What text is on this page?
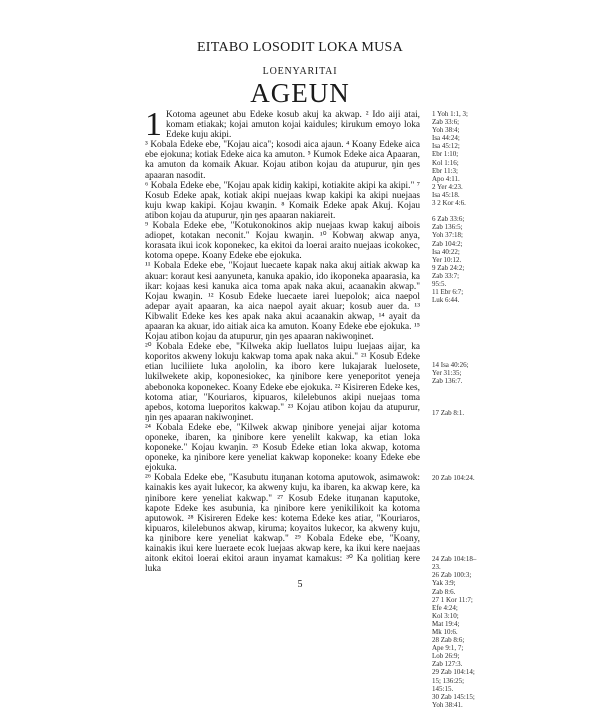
EITABO LOSODIT LOKA MUSA
LOENYARITAI
AGEUN

1 Kotoma ageunet abu Edeke kosub akuj ka akwap. ² Ido aiji atai, komam etiakak; kojai amuton kojai kaidules; kirukum emoyo loka Edeke kuju akipi.

³ Kobala Edeke ebe, "Kojau aica"; kosodi aica ajaun. ⁴ Koany Edeke aica ebe ejokuna; kotiak Edeke aica ka amuton. ⁵ Kumok Edeke aica Apaaran, ka amuton da komaik Akuar. Kojau atibon kojau da atupurur, ŋin ŋes apaaran nasodit.

⁶ Kobala Edeke ebe, "Kojau apak kidiŋ kakipi, kotiakite akipi ka akipi." ⁷ Kosub Edeke apak, kotiak akipi nuejaas kwap kakipi ka akipi nuejaas kuju kwap kakipi. Kojau kwaŋin. ⁸ Komaik Edeke apak Akuj. Kojau atibon kojau da atupurur, ŋin ŋes apaaran nakiareit.

⁹ Kobala Edeke ebe, "Kotukonokinos akip nuejaas kwap kakuj aibois adiopet, kotakan neconit." Kojau kwaŋin. ¹⁰ Kobwaŋ akwap anya, korasata ikui icok koponekec, ka ekitoi da loerai araito nuejaas icokokec, kotoma opepe. Koany Edeke ebe ejokuka.

¹¹ Kobala Edeke ebe, "Kojaut luecaete kapak naka akuj aitiak akwap ka akuar: koraut kesi aanyuneta, kanuka apakio, ido ikoponeka apaarasia, ka ikar: kojaas kesi kanuka aica toma apak naka akui, acaanakin akwap." Kojau kwaŋin. ¹² Kosub Edeke luecaete iarei luepolok; aica naepol adepar ayait apaaran, ka aica naepol ayait akuar; kosub auer da. ¹³ Kibwalit Edeke kes kes apak naka akui acaanakin akwap, ¹⁴ ayait da apaaran ka akuar, ido aitiak aica ka amuton. Koany Edeke ebe ejokuka. ¹⁵ Kojau atibon kojau da atupurur, ŋin ŋes apaaran nakiwoŋinet.

²⁰ Kobala Edeke ebe, "Kilweka akip luellatos luipu luejaas aijar, ka koporitos akweny lokuju kakwap toma apak naka akui." ²¹ Kosub Edeke etian luciliiete luka aŋololin, ka iboro kere lukajarak luelosete, lukilwekete akip, koponesiokec, ka ŋinibore kere yeneporitot yeneja abebonoka koponekec. Koany Edeke ebe ejokuka. ²² Kisireren Edeke kes, kotoma atiar, "Kouriaros, kipuaros, kilelebunos akipi nuejaas toma apebos, kotoma lueporitos kakwap." ²³ Kojau atibon kojau da atupurur, ŋin ŋes apaaran nakiwoŋinet.

²⁴ Kobala Edeke ebe, "Kilwek akwap ŋinibore yenejai aijar kotoma oponeke, ibaren, ka ŋinibore kere yenelilt kakwap, ka etian loka koponeke." Kojau kwaŋin. ²⁵ Kosub Edeke etian loka akwap, kotoma oponeke, ka ŋinibore kere yeneliat kakwap koponeke: koany Edeke ebe ejokuka.

²⁶ Kobala Edeke ebe, "Kasubutu ituŋanan kotoma aputowok, asimawok: kainakis kes ayait lukecor, ka akweny kuju, ka ibaren, ka akwap kere, ka ŋinibore kere yeneliat kakwap." ²⁷ Kosub Edeke ituŋanan kaputoke, kapote Edeke kes asubunia, ka ŋinibore kere yenikilikoit ka kotoma aputowok. ²⁸ Kisireren Edeke kes: kotema Edeke kes atiar, "Kouriaros, kipuaros, kilelebunos akwap, kiruma; koyaitos lukecor, ka akweny kuju, ka ŋinibore kere yeneliat kakwap." ²⁹ Kobala Edeke ebe, "Koany, kainakis ikui kere lueraete ecok luejaas akwap kere, ka ikui kere naejaas aitonk ekitoi loerai ekitoi araun inyamat kamakus: ³⁰ Ka ŋolitiaŋ kere luka

1 Yoh 1:1, 3;
Zab 33:6;
Yoh 38:4;
Isa 44:24;
Isa 45:12;
Ebr 1:10;
Kol 1:16;
Ebr 11:3;
Apo 4:11.
2 Yer 4:23.
Isa 45:18.
3 2 Kor 4:6.

6 Zab 33:6;
Zab 136:5;
Yoh 37:18;
Zab 104:2;
Isa 40:22;
Yer 10:12.
9 Zab 24:2;
Zab 33:7;
95:5.
11 Ebr 6:7;
Luk 6:44.

14 Isa 40:26;
Yer 31:35;
Zab 136:7.

17 Zab 8:1.

20 Zab 104:24.

24 Zab 104:18–
23.
26 Zab 100:3;
Yak 3:9;
Zab 8:6.
27 1 Kor 11:7;
Efe 4:24;
Kol 3:10;
Mat 19:4;
Mk 10:6.
28 Zab 8:6;
Ape 9:1, 7;
Lob 26:9;
Zab 127:3.
29 Zab 104:14;
15; 136:25;
145:15.
30 Zab 145:15;
Yoh 38:41.
5
